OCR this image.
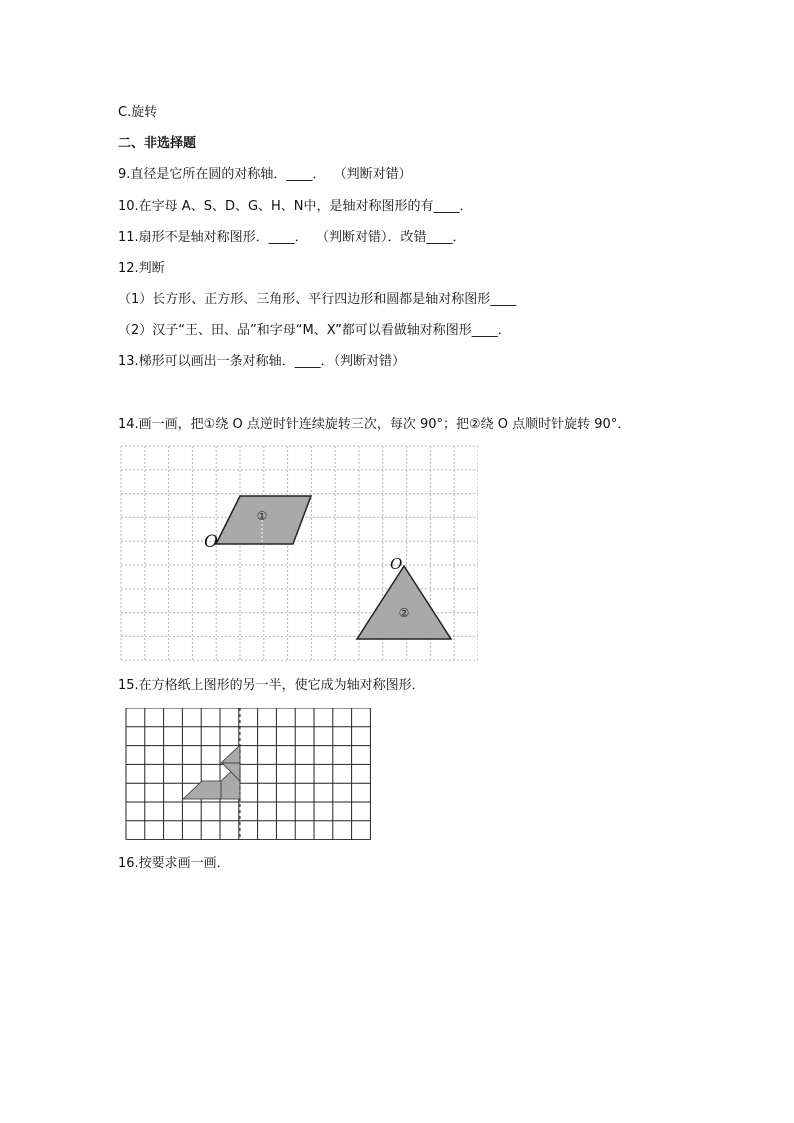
C.旋转
二、非选择题
9.直径是它所在圆的对称轴．____．  （判断对错）
10.在字母 A、S、D、G、H、N中，是轴对称图形的有____．
11.扇形不是轴对称图形．____．  （判断对错）．改错____．
12.判断
（1）长方形、正方形、三角形、平行四边形和圆都是轴对称图形____
（2）汉子“王、田、品”和字母“M、X”都可以看做轴对称图形____．
13.梯形可以画出一条对称轴．____．（判断对错）
14.画一画，把①绕 O 点逆时针连续旋转三次，每次 90°；把②绕 O 点顺时针旋转 90°．
①
O
②
O
15.在方格纸上图形的另一半，使它成为轴对称图形．
16.按要求画一画．
